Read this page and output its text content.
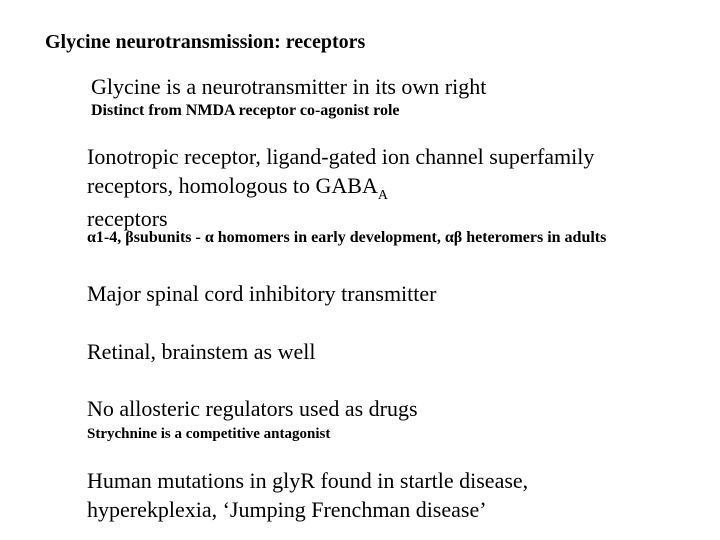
Glycine neurotransmission: receptors
Glycine is a neurotransmitter in its own right
Distinct from NMDA receptor co-agonist role
Ionotropic receptor, ligand-gated ion channel superfamily receptors, homologous to $GABA_A$
receptors
α1-4, βsubunits - α homomers in early development, αβ heteromers in adults
Major spinal cord inhibitory transmitter
Retinal, brainstem as well
No allosteric regulators used as drugs
Strychnine is a competitive antagonist
Human mutations in glyR found in startle disease, hyperekplexia, ‘Jumping Frenchman disease’
